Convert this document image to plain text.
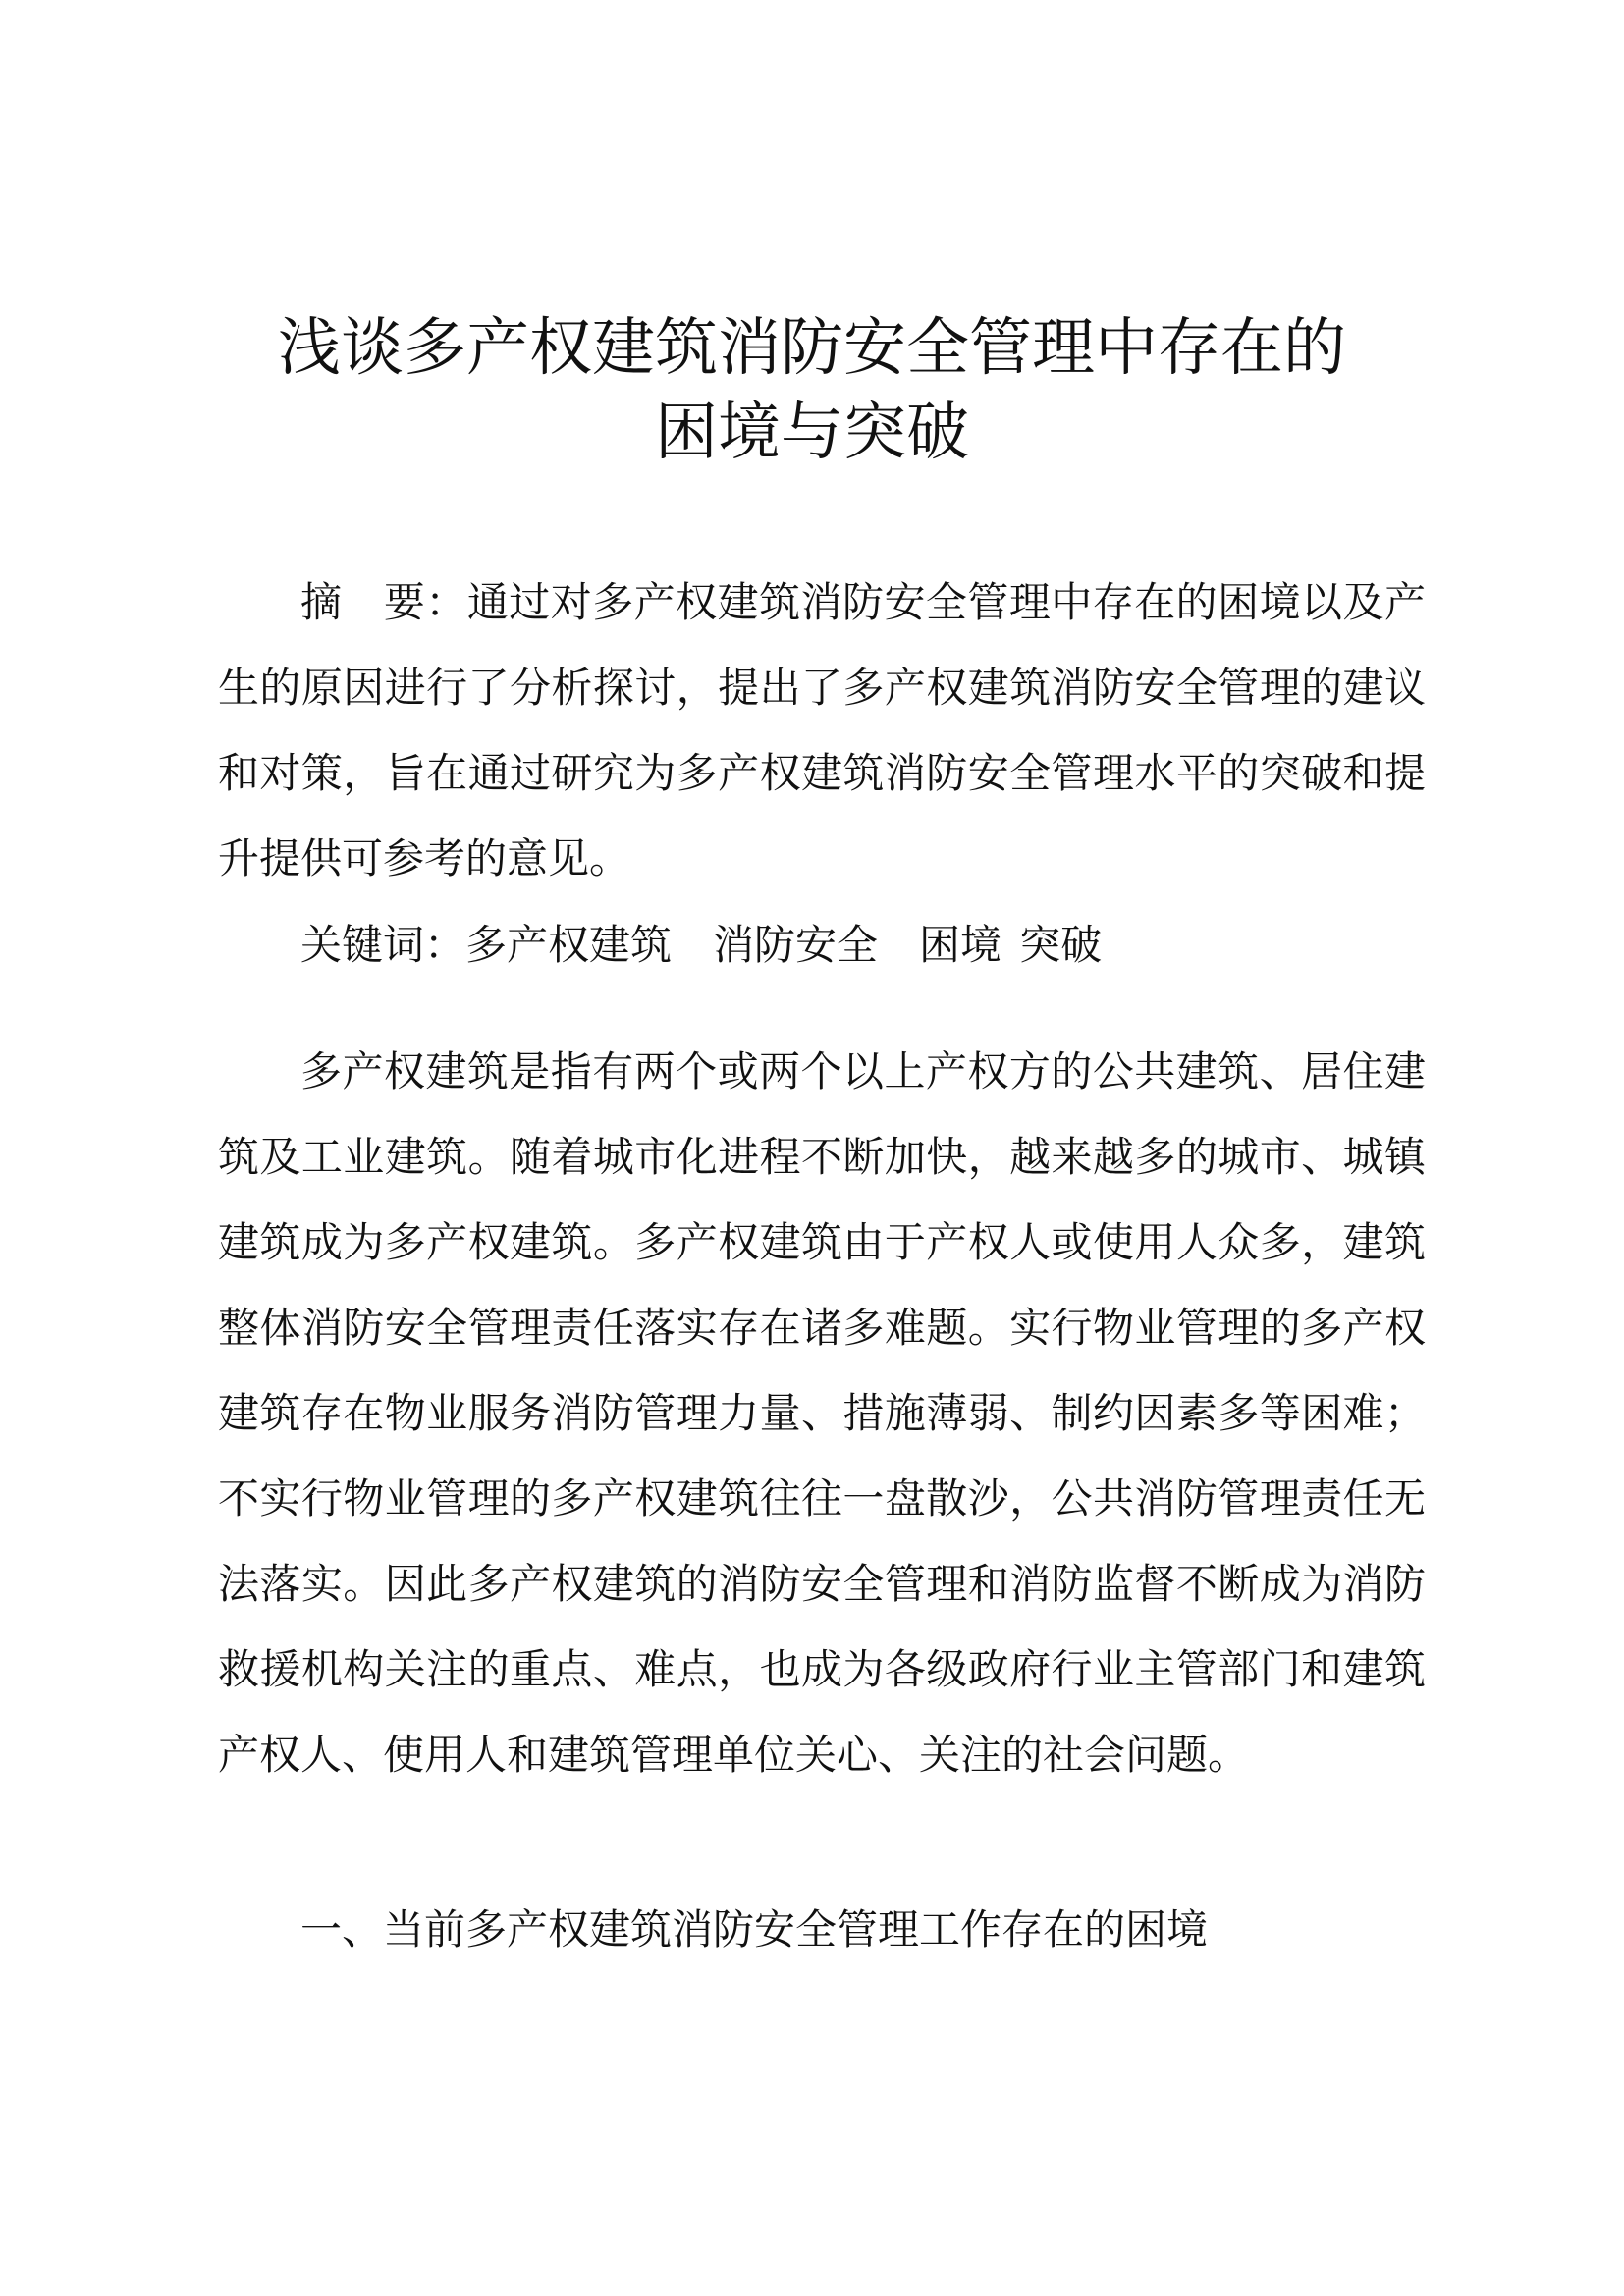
浅谈多产权建筑消防安全管理中存在的
困境与突破

摘　要：通过对多产权建筑消防安全管理中存在的困境以及产生的原因进行了分析探讨，提出了多产权建筑消防安全管理的建议和对策，旨在通过研究为多产权建筑消防安全管理水平的突破和提升提供可参考的意见。

关键词：多产权建筑 消防安全 困境 突破

多产权建筑是指有两个或两个以上产权方的公共建筑、居住建筑及工业建筑。随着城市化进程不断加快，越来越多的城市、城镇建筑成为多产权建筑。多产权建筑由于产权人或使用人众多，建筑整体消防安全管理责任落实存在诸多难题。实行物业管理的多产权建筑存在物业服务消防管理力量、措施薄弱、制约因素多等困难；不实行物业管理的多产权建筑往往一盘散沙，公共消防管理责任无法落实。因此多产权建筑的消防安全管理和消防监督不断成为消防救援机构关注的重点、难点，也成为各级政府行业主管部门和建筑产权人、使用人和建筑管理单位关心、关注的社会问题。

一、当前多产权建筑消防安全管理工作存在的困境
